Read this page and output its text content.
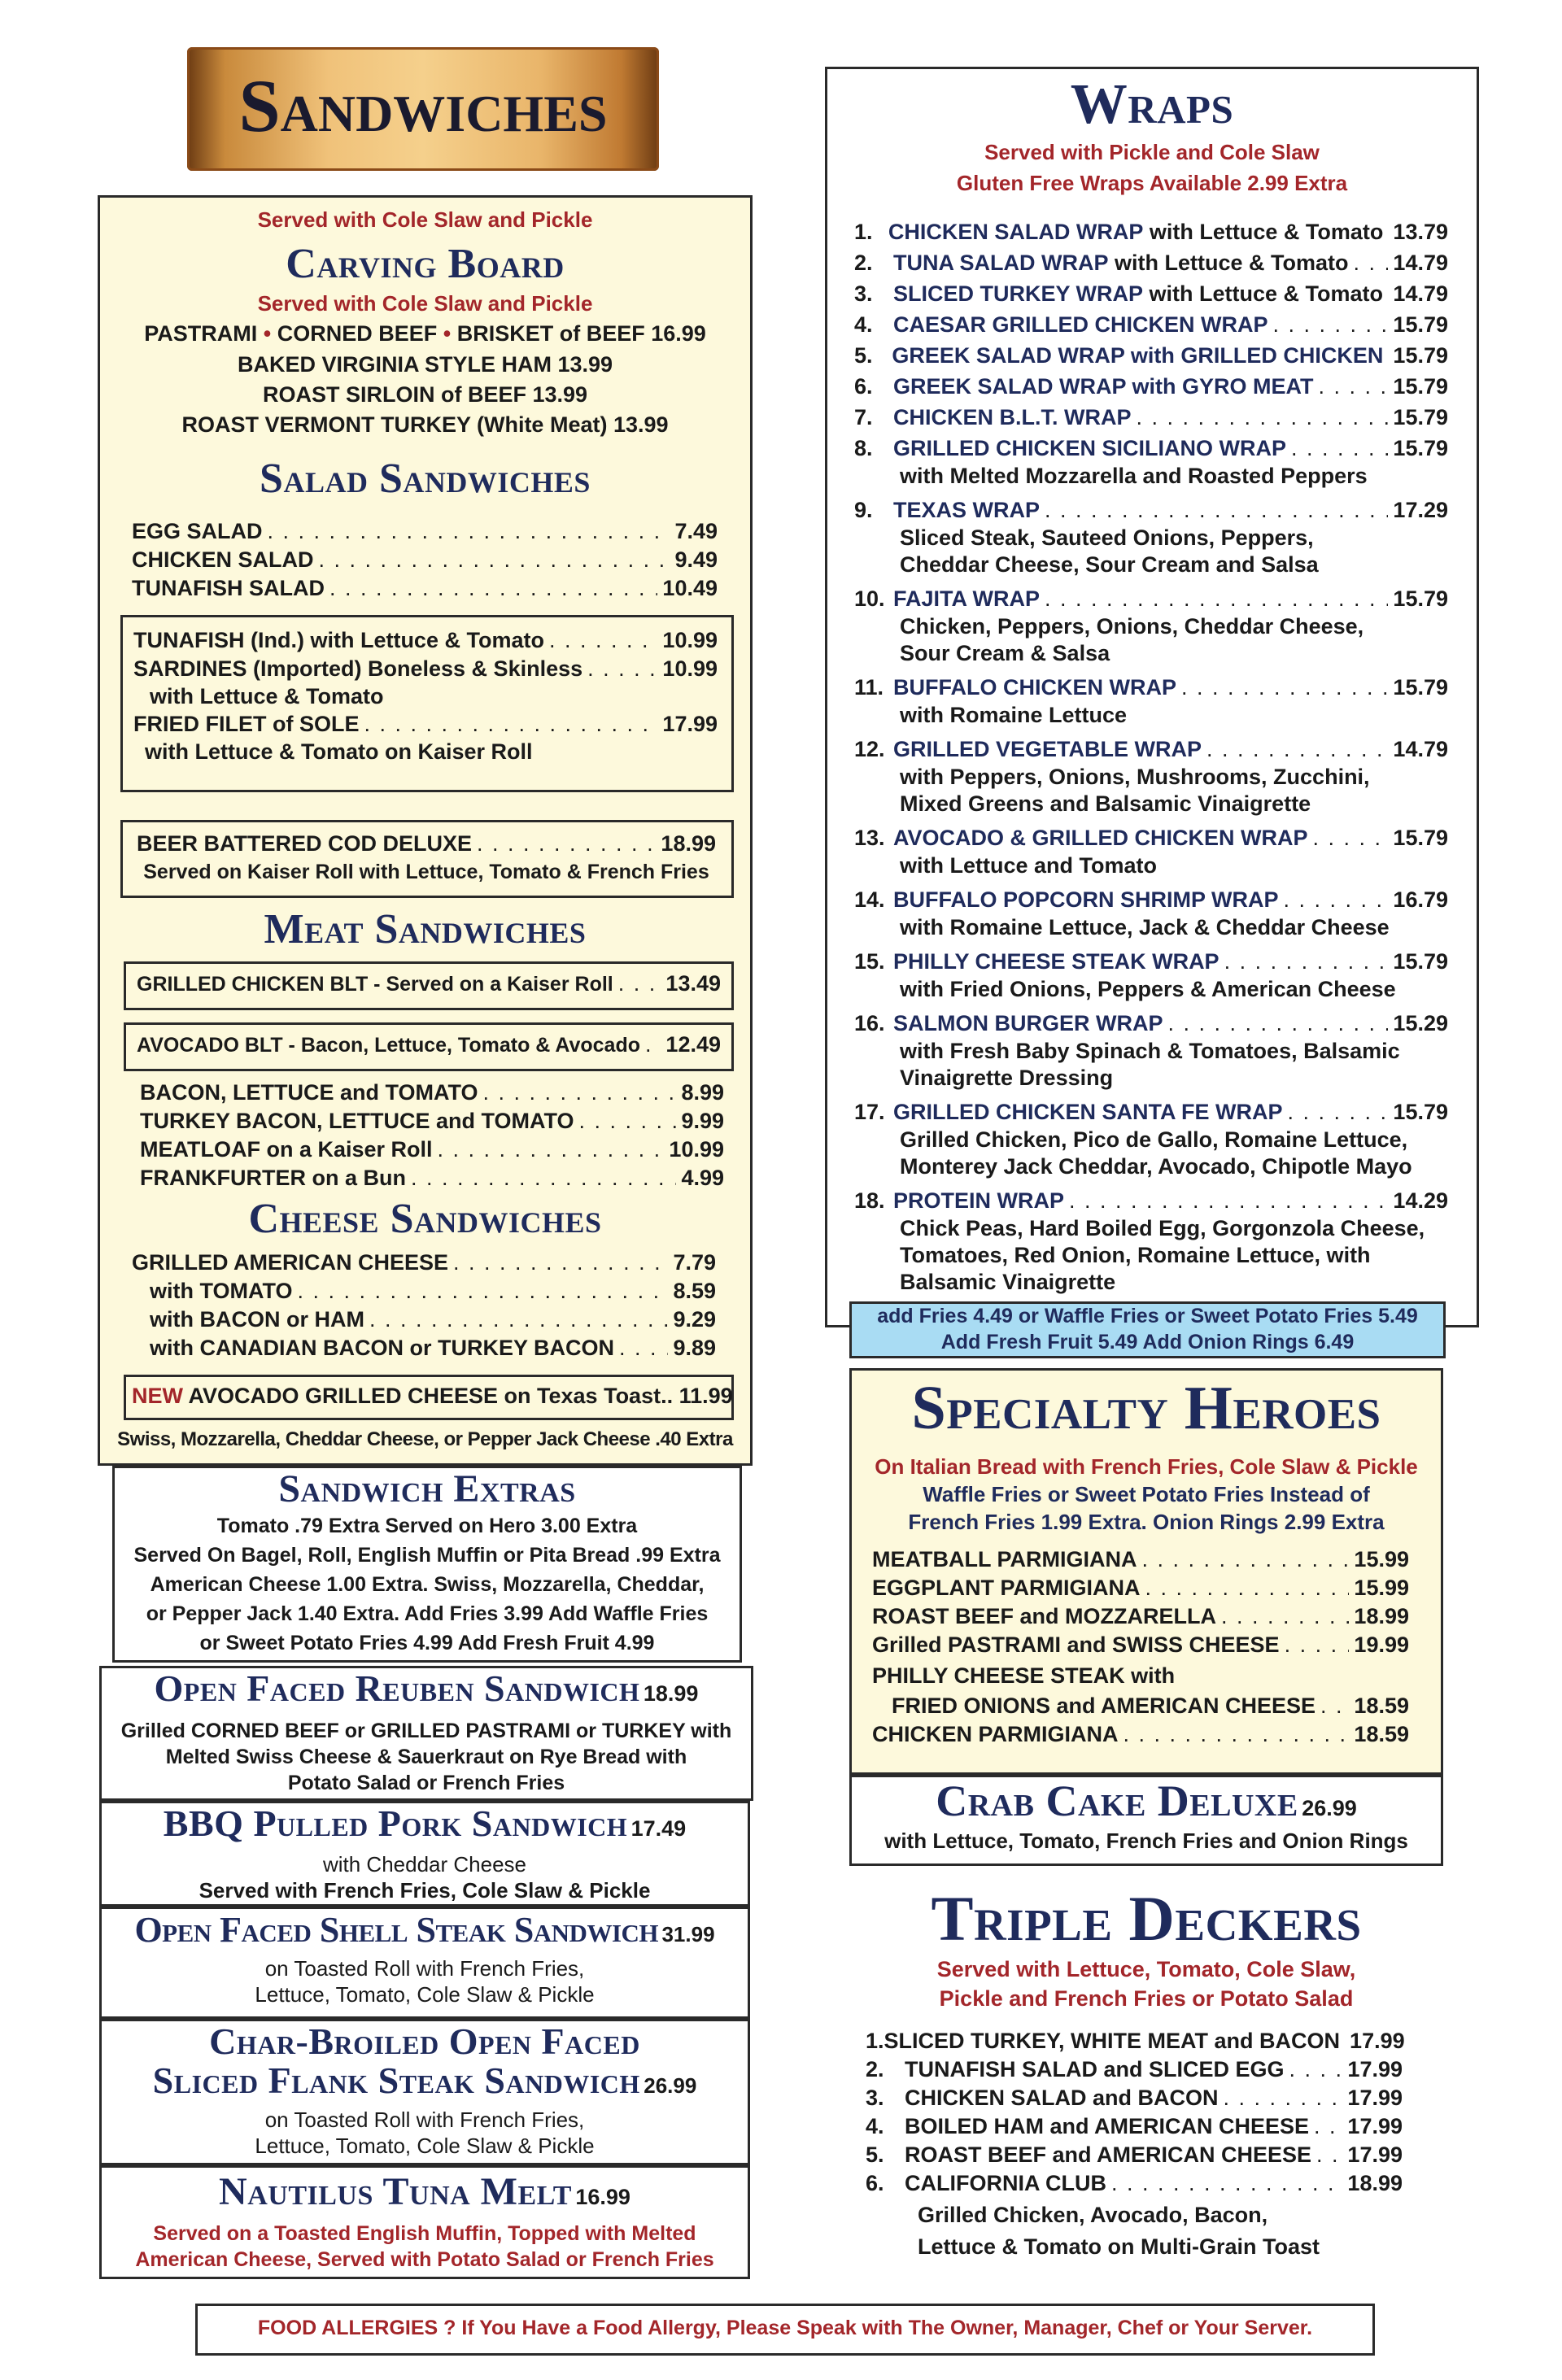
Sandwiches
Served with Cole Slaw and Pickle
Carving Board
Served with Cole Slaw and Pickle
PASTRAMI • CORNED BEEF • BRISKET of BEEF 16.99
BAKED VIRGINIA STYLE HAM 13.99
ROAST SIRLOIN of BEEF 13.99
ROAST VERMONT TURKEY (White Meat) 13.99
Salad Sandwiches
EGG SALAD . . .	7.49
CHICKEN SALAD . . .	9.49
TUNAFISH SALAD . . .	10.49
TUNAFISH (Ind.) with Lettuce & Tomato . . .	10.99
SARDINES (Imported) Boneless & Skinless . . .	10.99
with Lettuce & Tomato
FRIED FILET of SOLE . . .	17.99
with Lettuce & Tomato on Kaiser Roll
BEER BATTERED COD DELUXE . . .	18.99
Served on Kaiser Roll with Lettuce, Tomato & French Fries
Meat Sandwiches
GRILLED CHICKEN BLT - Served on a Kaiser Roll . . . 13.49
AVOCADO BLT - Bacon, Lettuce, Tomato & Avocado . . . 12.49
BACON, LETTUCE and TOMATO . . .	8.99
TURKEY BACON, LETTUCE and TOMATO . . .	9.99
MEATLOAF on a Kaiser Roll . . .	10.99
FRANKFURTER on a Bun . . .	4.99
Cheese Sandwiches
GRILLED AMERICAN CHEESE . . .	7.79
with TOMATO . . .	8.59
with BACON or HAM . . .	9.29
with CANADIAN BACON or TURKEY BACON . . .	9.89
NEW AVOCADO GRILLED CHEESE on Texas Toast.. 11.99
Swiss, Mozzarella, Cheddar Cheese, or Pepper Jack Cheese .40 Extra
Sandwich Extras
Tomato .79 Extra Served on Hero 3.00 Extra
Served On Bagel, Roll, English Muffin or Pita Bread .99 Extra
American Cheese 1.00 Extra. Swiss, Mozzarella, Cheddar,
or Pepper Jack 1.40 Extra. Add Fries 3.99 Add Waffle Fries
or Sweet Potato Fries 4.99 Add Fresh Fruit 4.99
Open Faced Reuben Sandwich 18.99
Grilled CORNED BEEF or GRILLED PASTRAMI or TURKEY with
Melted Swiss Cheese & Sauerkraut on Rye Bread with
Potato Salad or French Fries
BBQ Pulled Pork Sandwich 17.49
with Cheddar Cheese
Served with French Fries, Cole Slaw & Pickle
Open Faced Shell Steak Sandwich 31.99
on Toasted Roll with French Fries,
Lettuce, Tomato, Cole Slaw & Pickle
Char-Broiled Open Faced
Sliced Flank Steak Sandwich 26.99
on Toasted Roll with French Fries,
Lettuce, Tomato, Cole Slaw & Pickle
Nautilus Tuna Melt 16.99
Served on a Toasted English Muffin, Topped with Melted
American Cheese, Served with Potato Salad or French Fries
Wraps
Served with Pickle and Cole Slaw
Gluten Free Wraps Available 2.99 Extra
1. CHICKEN SALAD WRAP with Lettuce & Tomato 13.79
2. TUNA SALAD WRAP with Lettuce & Tomato . . . 14.79
3. SLICED TURKEY WRAP with Lettuce & Tomato . . . 14.79
4. CAESAR GRILLED CHICKEN WRAP . . .	15.79
5. GREEK SALAD WRAP with GRILLED CHICKEN 15.79
6. GREEK SALAD WRAP with GYRO MEAT . . .	15.79
7. CHICKEN B.L.T. WRAP . . .	15.79
8. GRILLED CHICKEN SICILIANO WRAP . . .	15.79
with Melted Mozzarella and Roasted Peppers
9. TEXAS WRAP . . .	17.29
Sliced Steak, Sauteed Onions, Peppers,
Cheddar Cheese, Sour Cream and Salsa
10. FAJITA WRAP . . .	15.79
Chicken, Peppers, Onions, Cheddar Cheese,
Sour Cream & Salsa
11. BUFFALO CHICKEN WRAP . . .	15.79
with Romaine Lettuce
12. GRILLED VEGETABLE WRAP . . .	14.79
with Peppers, Onions, Mushrooms, Zucchini,
Mixed Greens and Balsamic Vinaigrette
13. AVOCADO & GRILLED CHICKEN WRAP . . .	15.79
with Lettuce and Tomato
14. BUFFALO POPCORN SHRIMP WRAP . . .	16.79
with Romaine Lettuce, Jack & Cheddar Cheese
15. PHILLY CHEESE STEAK WRAP . . .	15.79
with Fried Onions, Peppers & American Cheese
16. SALMON BURGER WRAP . . .	15.29
with Fresh Baby Spinach & Tomatoes, Balsamic
Vinaigrette Dressing
17. GRILLED CHICKEN SANTA FE WRAP . . .	15.79
Grilled Chicken, Pico de Gallo, Romaine Lettuce,
Monterey Jack Cheddar, Avocado, Chipotle Mayo
18. PROTEIN WRAP . . .	14.29
Chick Peas, Hard Boiled Egg, Gorgonzola Cheese,
Tomatoes, Red Onion, Romaine Lettuce, with
Balsamic Vinaigrette
add Fries 4.49 or Waffle Fries or Sweet Potato Fries 5.49
Add Fresh Fruit 5.49 Add Onion Rings 6.49
Specialty Heroes
On Italian Bread with French Fries, Cole Slaw & Pickle
Waffle Fries or Sweet Potato Fries Instead of
French Fries 1.99 Extra. Onion Rings 2.99 Extra
MEATBALL PARMIGIANA . . .	15.99
EGGPLANT PARMIGIANA . . .	15.99
ROAST BEEF and MOZZARELLA . . .	18.99
Grilled PASTRAMI and SWISS CHEESE . . .	19.99
PHILLY CHEESE STEAK with
FRIED ONIONS and AMERICAN CHEESE . . . 18.59
CHICKEN PARMIGIANA . . .	18.59
Crab Cake Deluxe 26.99
with Lettuce, Tomato, French Fries and Onion Rings
Triple Deckers
Served with Lettuce, Tomato, Cole Slaw,
Pickle and French Fries or Potato Salad
1. SLICED TURKEY, WHITE MEAT and BACON 17.99
2. TUNAFISH SALAD and SLICED EGG . . .	17.99
3. CHICKEN SALAD and BACON . . .	17.99
4. BOILED HAM and AMERICAN CHEESE . . . 17.99
5. ROAST BEEF and AMERICAN CHEESE . . . 17.99
6. CALIFORNIA CLUB . . .	18.99
Grilled Chicken, Avocado, Bacon,
Lettuce & Tomato on Multi-Grain Toast
FOOD ALLERGIES ? If You Have a Food Allergy, Please Speak with The Owner, Manager, Chef or Your Server.
